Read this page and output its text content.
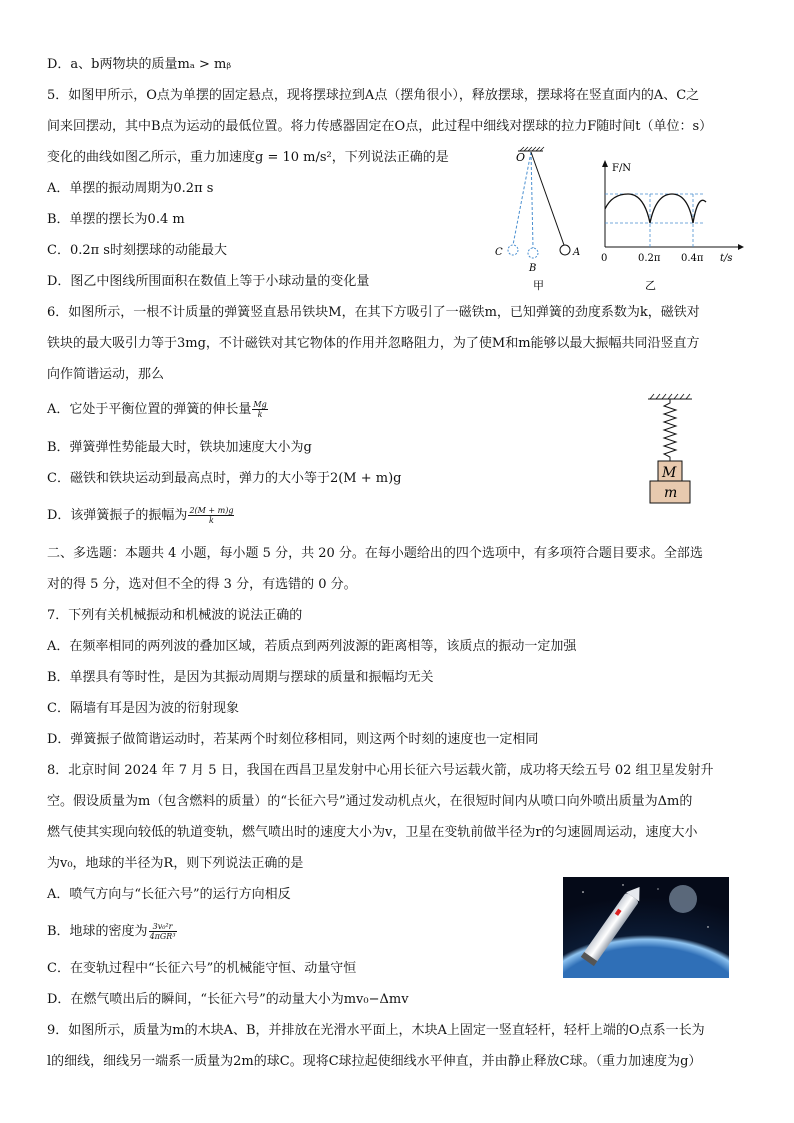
D．a、b两物块的质量mₐ > mᵦ
5．如图甲所示，O点为单摆的固定悬点，现将摆球拉到A点（摆角很小），释放摆球，摆球将在竖直面内的A、C之
间来回摆动，其中B点为运动的最低位置。将力传感器固定在O点，此过程中细线对摆球的拉力F随时间t（单位：s）
变化的曲线如图乙所示，重力加速度g = 10 m/s²，下列说法正确的是
A．单摆的振动周期为0.2π s
B．单摆的摆长为0.4 m
C．0.2π s时刻摆球的动能最大
D．图乙中图线所围面积在数值上等于小球动量的变化量
O
C
B
A
甲
F/N
t/s
0	0.2π 0.4π
乙
6．如图所示，一根不计质量的弹簧竖直悬吊铁块M，在其下方吸引了一磁铁m，已知弹簧的劲度系数为k，磁铁对
铁块的最大吸引力等于3mg，不计磁铁对其它物体的作用并忽略阻力，为了使M和m能够以最大振幅共同沿竖直方
向作简谐运动，那么
A．它处于平衡位置的弹簧的伸长量 $\frac{Mg}{k}$
B．弹簧弹性势能最大时，铁块加速度大小为g
C．磁铁和铁块运动到最高点时，弹力的大小等于2(M + m)g
D．该弹簧振子的振幅为 $\frac{2(M + m)g}{k}$
M
m
二、多选题：本题共 4 小题，每小题 5 分，共 20 分。在每小题给出的四个选项中，有多项符合题目要求。全部选
对的得 5 分，选对但不全的得 3 分，有选错的 0 分。
7．下列有关机械振动和机械波的说法正确的
A．在频率相同的两列波的叠加区域，若质点到两列波源的距离相等，该质点的振动一定加强
B．单摆具有等时性，是因为其振动周期与摆球的质量和振幅均无关
C．隔墙有耳是因为波的衍射现象
D．弹簧振子做简谐运动时，若某两个时刻位移相同，则这两个时刻的速度也一定相同
8．北京时间 2024 年 7 月 5 日，我国在西昌卫星发射中心用长征六号运载火箭，成功将天绘五号 02 组卫星发射升
空。假设质量为m（包含燃料的质量）的“长征六号”通过发动机点火，在很短时间内从喷口向外喷出质量为Δm的
燃气使其实现向较低的轨道变轨，燃气喷出时的速度大小为v，卫星在变轨前做半径为r的匀速圆周运动，速度大小
为v₀，地球的半径为R，则下列说法正确的是
A．喷气方向与“长征六号”的运行方向相反
B．地球的密度为 $\frac{\text{3v₀²r}}{\text{4πGR³}}$
C．在变轨过程中“长征六号”的机械能守恒、动量守恒
D．在燃气喷出后的瞬间，“长征六号”的动量大小为mv₀−Δmv
9．如图所示，质量为m的木块A、B，并排放在光滑水平面上，木块A上固定一竖直轻杆，轻杆上端的O点系一长为
l的细线，细线另一端系一质量为2m的球C。现将C球拉起使细线水平伸直，并由静止释放C球。（重力加速度为g）
